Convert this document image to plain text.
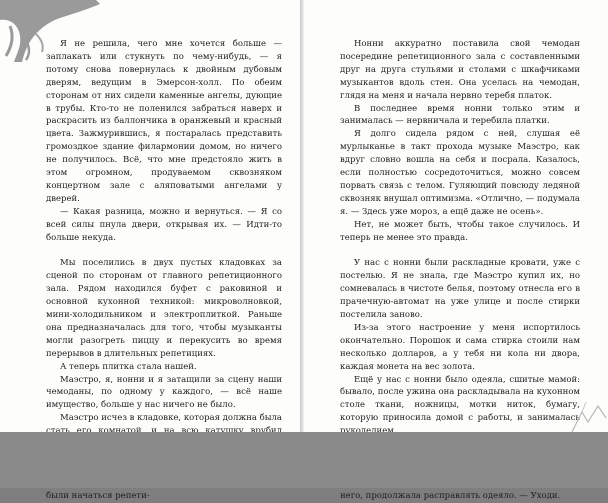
Я не решила, чего мне хочется больше — заплакать или стукнуть по чему-нибудь, — я потому снова повернулась к двойным дубовым дверям, ведущим в Эмерсон-холл. По обеим сторонам от них сидели каменные ангелы, дующие в трубы. Кто-то не поленился забраться наверх и раскрасить из баллончика в оранжевый и красный цвета. Зажмурившись, я постаралась представить громоздкое здание филармонии домом, но ничего не получилось. Всё, что мне предстояло жить в этом огромном, продуваемом сквозняком концертном зале с аляповатыми ангелами у дверей.

— Какая разница, можно и вернуться. — Я со всей силы пнула двери, открывая их. — Идти-то больше некуда.

Мы поселились в двух пустых кладовках за сценой по сторонам от главного репетиционного зала. Рядом находился буфет с раковиной и основной кухонной техникой: микроволновкой, мини-холодильником и электроплиткой. Раньше она предназначалась для того, чтобы музыканты могли разогреть пиццу и перекусить во время перерывов в длительных репетициях.

А теперь плитка стала нашей.

Маэстро, я, нонни и я затащили за сцену наши чемоданы, по одному у каждого, — всё наше имущество, больше у нас ничего не было.

Маэстро исчез в кладовке, которая должна была были начаться репети-

Нонни аккуратно поставила свой чемодан посередине репетиционного зала с составленными друг на друга стульями и столами с шкафчиками музыкантов вдоль стен. Она уселась на чемодан, глядя на меня и начала нервно теребя платок.

В последнее время нонни только этим и занималась — нервничала и теребила платки.

Я долго сидела рядом с ней, слушая её мурлыканье в такт прохода музыке Маэстро, как вдруг словно вошла на себя и посрала. Казалось, если полностью сосредоточиться, можно совсем порвать связь с телом. Гуляющий повсюду ледяной сквозняк внушал оптимизма. «Отлично, — подумала я. — Здесь уже мороз, а ещё даже не осень».

Нет, не может быть, чтобы такое случилось. И теперь не менее это правда.

У нас с нонни были раскладные кровати, уже с постелью. Я не знала, где Маэстро купил их, но сомневалась в чистоте белья, поэтому отнесла его в прачечную-автомат на уже улице и после стирки постелила заново.

Из-за этого настроение у меня испортилось окончательно. Порошок и сама стирка стоили нам несколько долларов, а у тебя ни кола ни двора, каждая монета на вес золота.

Ещё у нас с нонни было одеяла, сшитые мамой: бывало, после ужина она раскладывала на кухонном столе ткани, ножницы, мотки ниток, бумагу, которую приносила домой с работы, и занималась

него, продолжала расправлять одеяло. — Уходи.
